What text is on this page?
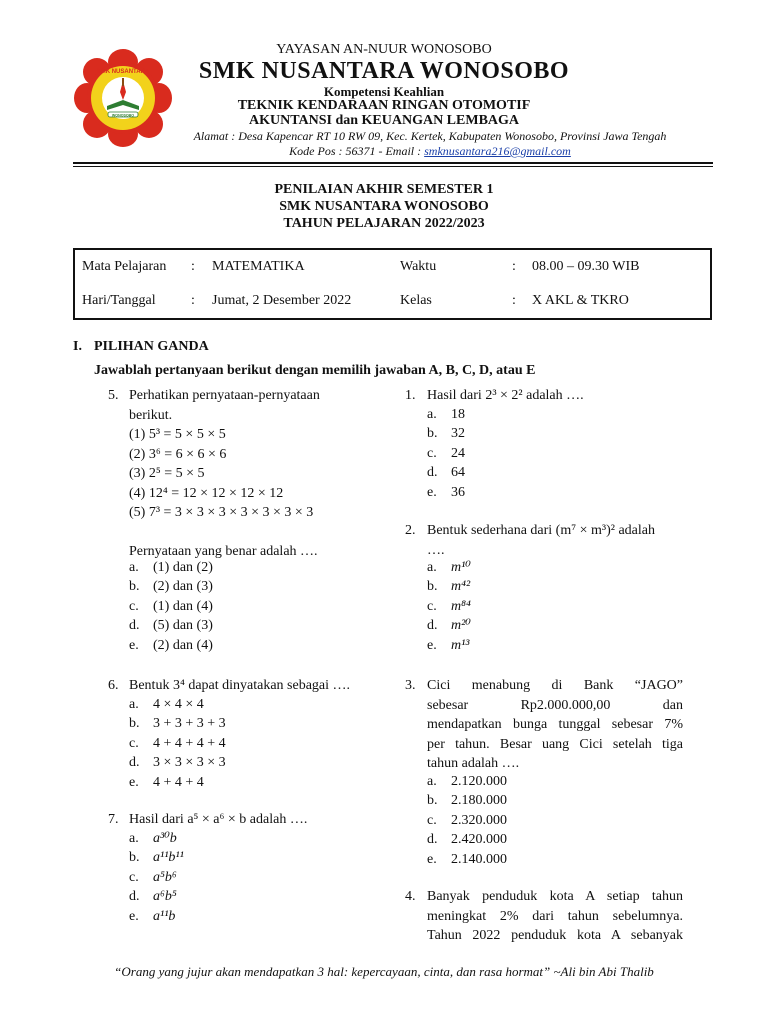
SMK NUSANTARA
WONOSOBO
YAYASAN AN-NUUR WONOSOBO
SMK NUSANTARA WONOSOBO
Kompetensi Keahlian
TEKNIK KENDARAAN RINGAN OTOMOTIF
AKUNTANSI dan KEUANGAN LEMBAGA
Alamat : Desa Kapencar RT 10 RW 09, Kec. Kertek, Kabupaten Wonosobo, Provinsi Jawa Tengah
Kode Pos : 56371 - Email : smknusantara216@gmail.com
PENILAIAN AKHIR SEMESTER 1
SMK NUSANTARA WONOSOBO
TAHUN PELAJARAN 2022/2023
Mata Pelajaran : MATEMATIKA	Waktu	: 08.00 – 09.30 WIB
Hari/Tanggal	: Jumat, 2 Desember 2022	Kelas	: X AKL & TKRO
I. PILIHAN GANDA
Jawablah pertanyaan berikut dengan memilih jawaban A, B, C, D, atau E
5. Perhatikan pernyataan-pernyataan
berikut.
(1) 5³ = 5 × 5 × 5
(2) 3⁶ = 6 × 6 × 6
(3) 2⁵ = 5 × 5
(4) 12⁴ = 12 × 12 × 12 × 12
(5) 7³ = 3 × 3 × 3 × 3 × 3 × 3 × 3
Pernyataan yang benar adalah ….
a. (1) dan (2)
b. (2) dan (3)
c. (1) dan (4)
d. (5) dan (3)
e. (2) dan (4)
6. Bentuk 3⁴ dapat dinyatakan sebagai ….
a. 4 × 4 × 4
b. 3 + 3 + 3 + 3
c. 4 + 4 + 4 + 4
d. 3 × 3 × 3 × 3
e. 4 + 4 + 4
7. Hasil dari a⁵ × a⁶ × b adalah ….
a. a³⁰b
b. a¹¹b¹¹
c. a⁵b⁶
d. a⁶b⁵
e. a¹¹b
1. Hasil dari 2³ × 2² adalah ….
a. 18
b. 32
c. 24
d. 64
e. 36
2. Bentuk sederhana dari (m⁷ × m³)² adalah
….
a. m¹⁰
b. m⁴²
c. m⁸⁴
d. m²⁰
e. m¹³
3. Cici menabung di Bank “JAGO”
sebesar Rp2.000.000,00 dan
mendapatkan bunga tunggal sebesar 7%
per tahun. Besar uang Cici setelah tiga
tahun adalah ….
a. 2.120.000
b. 2.180.000
c. 2.320.000
d. 2.420.000
e. 2.140.000
4. Banyak penduduk kota A setiap tahun
meningkat 2% dari tahun sebelumnya.
Tahun 2022 penduduk kota A sebanyak
“Orang yang jujur akan mendapatkan 3 hal: kepercayaan, cinta, dan rasa hormat” ~Ali bin Abi Thalib
